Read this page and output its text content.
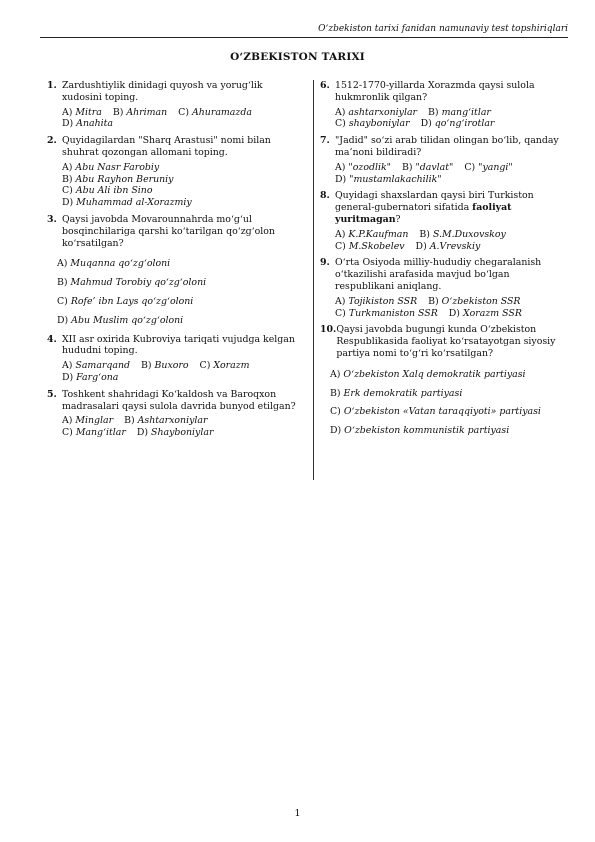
O‘zbekiston tarixi fanidan namunaviy test topshiriqlari
O‘ZBEKISTON TARIXI
1. Zardushtiylik dinidagi quyosh va yorug‘lik xudosini toping.
A) Mitra B) Ahriman C) Ahuramazda
D) Anahita
2. Quyidagilardan "Sharq Arastusi" nomi bilan shuhrat qozongan allomani toping.
A) Abu Nasr Farobiy
B) Abu Rayhon Beruniy
C) Abu Ali ibn Sino
D) Muhammad al-Xorazmiy
3. Qaysi javobda Movarounnahrda mo‘g‘ul bosqinchilariga qarshi ko‘tarilgan qo‘zg‘olon ko‘rsatilgan?
A) Muqanna qo‘zg‘oloni
B) Mahmud Torobiy qo‘zg‘oloni
C) Rofe’ ibn Lays qo‘zg‘oloni
D) Abu Muslim qo‘zg‘oloni
4. XII asr oxirida Kubroviya tariqati vujudga kelgan hududni toping.
A) Samarqand B) Buxoro C) Xorazm
D) Farg‘ona
5. Toshkent shahridagi Ko‘kaldosh va Baroqxon madrasalari qaysi sulola davrida bunyod etilgan?
A) Minglar B) Ashtarxoniylar
C) Mang‘itlar D) Shayboniylar
6. 1512-1770-yillarda Xorazmda qaysi sulola hukmronlik qilgan?
A) ashtarxoniylar B) mang‘itlar
C) shayboniylar D) qo‘ng‘irotlar
7. "Jadid" so‘zi arab tilidan olingan bo‘lib, qanday ma’noni bildiradi?
A) "ozodlik" B) "davlat" C) "yangi"
D) "mustamlakachilik"
8. Quyidagi shaxslardan qaysi biri Turkiston general-gubernatori sifatida faoliyat yuritmagan?
A) K.P.Kaufman B) S.M.Duxovskoy
C) M.Skobelev D) A.Vrevskiy
9. O‘rta Osiyoda milliy-hududiy chegaralanish o‘tkazilishi arafasida mavjud bo‘lgan respublikani aniqlang.
A) Tojikiston SSR B) O‘zbekiston SSR
C) Turkmaniston SSR D) Xorazm SSR
10. Qaysi javobda bugungi kunda O‘zbekiston Respublikasida faoliyat ko‘rsatayotgan siyosiy partiya nomi to‘g‘ri ko‘rsatilgan?
A) O‘zbekiston Xalq demokratik partiyasi
B) Erk demokratik partiyasi
C) O‘zbekiston «Vatan taraqqiyoti» partiyasi
D) O‘zbekiston kommunistik partiyasi
1
